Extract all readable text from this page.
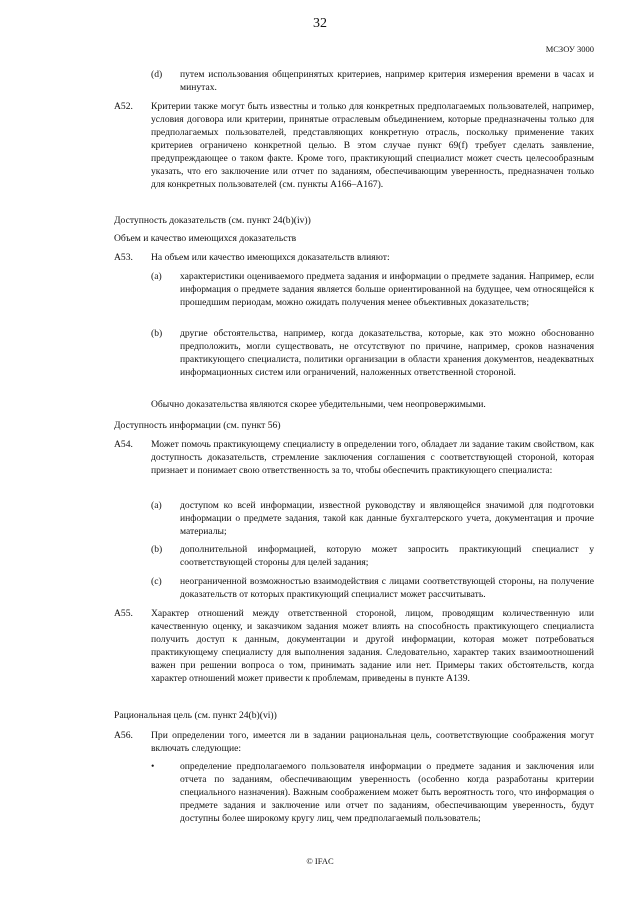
32
МСЗОУ 3000
(d) путем использования общепринятых критериев, например критерия измерения времени в часах и минутах.
A52. Критерии также могут быть известны и только для конкретных предполагаемых пользователей, например, условия договора или критерии, принятые отраслевым объединением, которые предназначены только для предполагаемых пользователей, представляющих конкретную отрасль, поскольку применение таких критериев ограничено конкретной целью. В этом случае пункт 69(f) требует сделать заявление, предупреждающее о таком факте. Кроме того, практикующий специалист может счесть целесообразным указать, что его заключение или отчет по заданиям, обеспечивающим уверенность, предназначен только для конкретных пользователей (см. пункты A166–A167).
Доступность доказательств (см. пункт 24(b)(iv))
Объем и качество имеющихся доказательств
A53. На объем или качество имеющихся доказательств влияют:
(a) характеристики оцениваемого предмета задания и информации о предмете задания. Например, если информация о предмете задания является больше ориентированной на будущее, чем относящейся к прошедшим периодам, можно ожидать получения менее объективных доказательств;
(b) другие обстоятельства, например, когда доказательства, которые, как это можно обоснованно предположить, могли существовать, не отсутствуют по причине, например, сроков назначения практикующего специалиста, политики организации в области хранения документов, неадекватных информационных систем или ограничений, наложенных ответственной стороной.
Обычно доказательства являются скорее убедительными, чем неопровержимыми.
Доступность информации (см. пункт 56)
A54. Может помочь практикующему специалисту в определении того, обладает ли задание таким свойством, как доступность доказательств, стремление заключения соглашения с соответствующей стороной, которая признает и понимает свою ответственность за то, чтобы обеспечить практикующего специалиста:
(a) доступом ко всей информации, известной руководству и являющейся значимой для подготовки информации о предмете задания, такой как данные бухгалтерского учета, документация и прочие материалы;
(b) дополнительной информацией, которую может запросить практикующий специалист у соответствующей стороны для целей задания;
(c) неограниченной возможностью взаимодействия с лицами соответствующей стороны, на получение доказательств от которых практикующий специалист может рассчитывать.
A55. Характер отношений между ответственной стороной, лицом, проводящим количественную или качественную оценку, и заказчиком задания может влиять на способность практикующего специалиста получить доступ к данным, документации и другой информации, которая может потребоваться практикующему специалисту для выполнения задания. Следовательно, характер таких взаимоотношений важен при решении вопроса о том, принимать задание или нет. Примеры таких обстоятельств, когда характер отношений может привести к проблемам, приведены в пункте A139.
Рациональная цель (см. пункт 24(b)(vi))
A56. При определении того, имеется ли в задании рациональная цель, соответствующие соображения могут включать следующие:
•	определение предполагаемого пользователя информации о предмете задания и заключения или отчета по заданиям, обеспечивающим уверенность (особенно когда разработаны критерии специального назначения). Важным соображением может быть вероятность того, что информация о предмете задания и заключение или отчет по заданиям, обеспечивающим уверенность, будут доступны более широкому кругу лиц, чем предполагаемый пользователь;
© IFAC
